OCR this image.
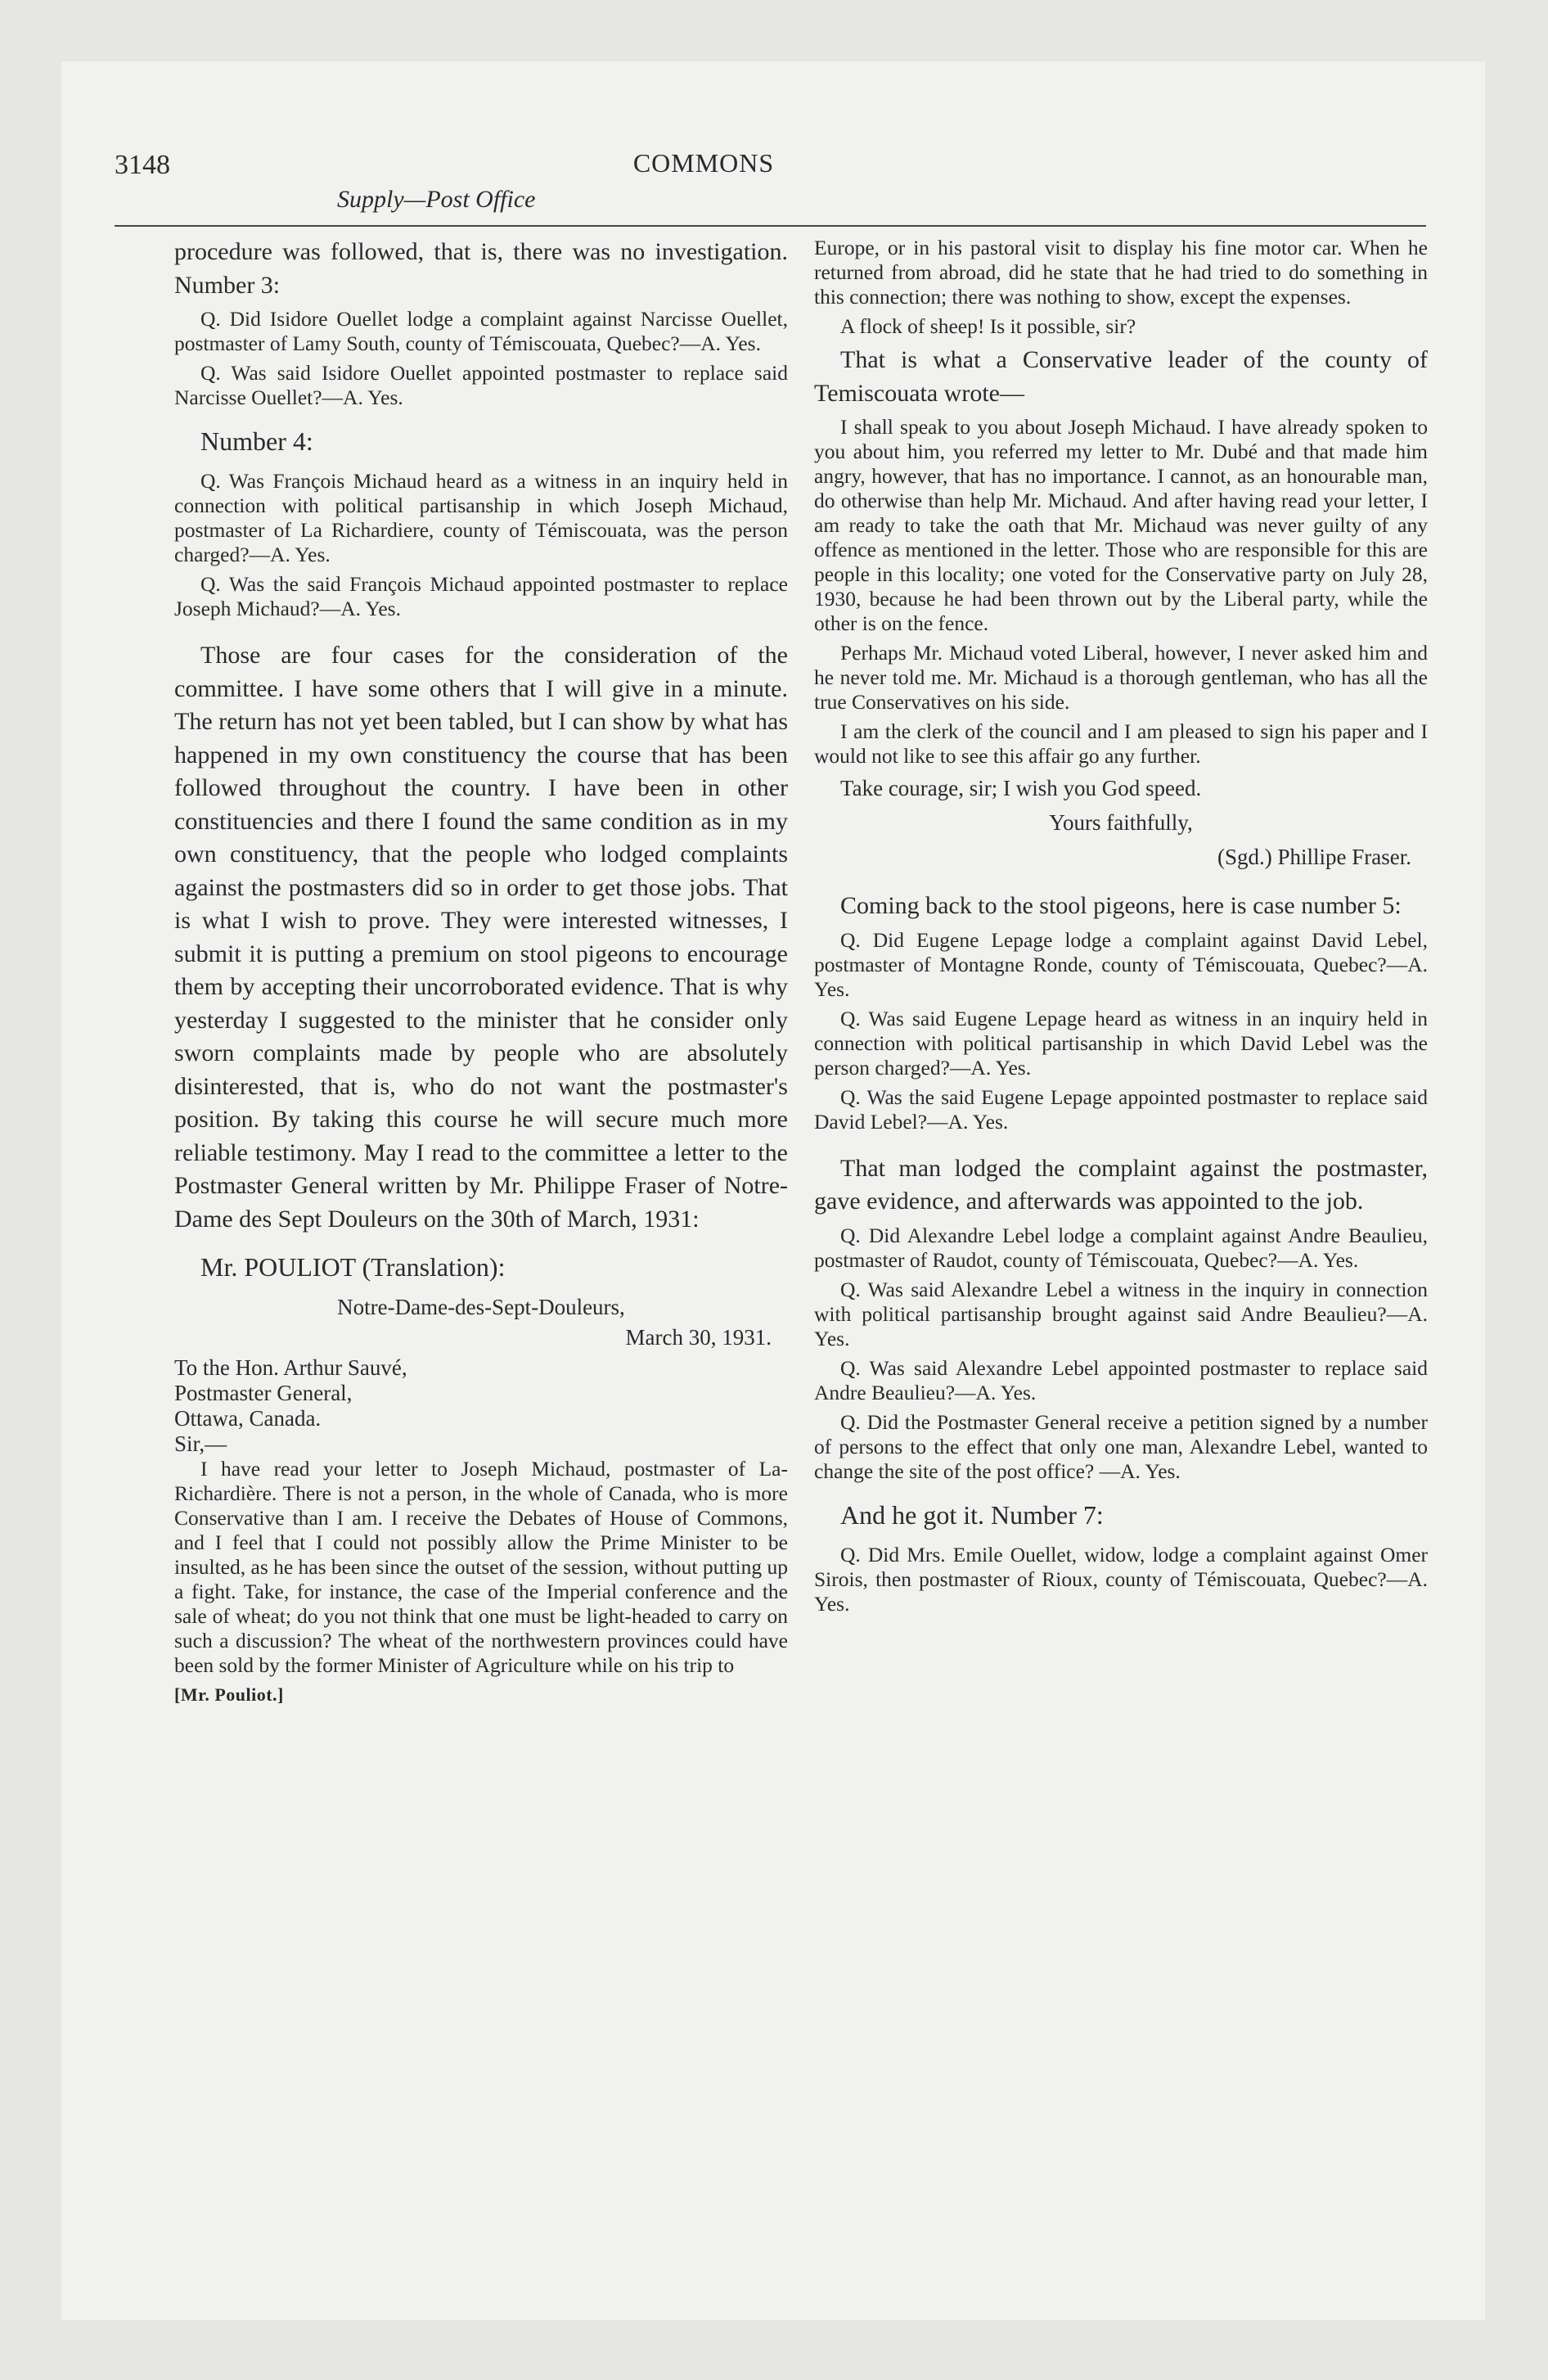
3148	COMMONS
Supply—Post Office

procedure was followed, that is, there was no investigation. Number 3:

Q. Did Isidore Ouellet lodge a complaint against Narcisse Ouellet, postmaster of Lamy South, county of Témiscouata, Quebec?—A. Yes.

Q. Was said Isidore Ouellet appointed postmaster to replace said Narcisse Ouellet?—A. Yes.

Number 4:

Q. Was François Michaud heard as a witness in an inquiry held in connection with political partisanship in which Joseph Michaud, postmaster of La Richardiere, county of Témiscouata, was the person charged?—A. Yes.

Q. Was the said François Michaud appointed postmaster to replace Joseph Michaud?—A. Yes.

Those are four cases for the consideration of the committee. I have some others that I will give in a minute. The return has not yet been tabled, but I can show by what has happened in my own constituency the course that has been followed throughout the country. I have been in other constituencies and there I found the same condition as in my own constituency, that the people who lodged complaints against the postmasters did so in order to get those jobs. That is what I wish to prove. They were interested witnesses, I submit it is putting a premium on stool pigeons to encourage them by accepting their uncorroborated evidence. That is why yesterday I suggested to the minister that he consider only sworn complaints made by people who are absolutely disinterested, that is, who do not want the postmaster's position. By taking this course he will secure much more reliable testimony. May I read to the committee a letter to the Postmaster General written by Mr. Philippe Fraser of Notre-Dame des Sept Douleurs on the 30th of March, 1931:

Mr. POULIOT (Translation):

Notre-Dame-des-Sept-Douleurs,

March 30, 1931.

To the Hon. Arthur Sauvé,

Postmaster General,

Ottawa, Canada.

Sir,—

I have read your letter to Joseph Michaud, postmaster of La-Richardière. There is not a person, in the whole of Canada, who is more Conservative than I am. I receive the Debates of House of Commons, and I feel that I could not possibly allow the Prime Minister to be insulted, as he has been since the outset of the session, without putting up a fight. Take, for instance, the case of the Imperial conference and the sale of wheat; do you not think that one must be light-headed to carry on such a discussion? The wheat of the northwestern provinces could have been sold by the former Minister of Agriculture while on his trip to

[Mr. Pouliot.]

Europe, or in his pastoral visit to display his fine motor car. When he returned from abroad, did he state that he had tried to do something in this connection; there was nothing to show, except the expenses.

A flock of sheep! Is it possible, sir?

That is what a Conservative leader of the county of Temiscouata wrote—

I shall speak to you about Joseph Michaud. I have already spoken to you about him, you referred my letter to Mr. Dubé and that made him angry, however, that has no importance. I cannot, as an honourable man, do otherwise than help Mr. Michaud. And after having read your letter, I am ready to take the oath that Mr. Michaud was never guilty of any offence as mentioned in the letter. Those who are responsible for this are people in this locality; one voted for the Conservative party on July 28, 1930, because he had been thrown out by the Liberal party, while the other is on the fence.

Perhaps Mr. Michaud voted Liberal, however, I never asked him and he never told me. Mr. Michaud is a thorough gentleman, who has all the true Conservatives on his side.

I am the clerk of the council and I am pleased to sign his paper and I would not like to see this affair go any further.

Take courage, sir; I wish you God speed.

Yours faithfully,

(Sgd.) Phillipe Fraser.

Coming back to the stool pigeons, here is case number 5:

Q. Did Eugene Lepage lodge a complaint against David Lebel, postmaster of Montagne Ronde, county of Témiscouata, Quebec?—A. Yes.

Q. Was said Eugene Lepage heard as witness in an inquiry held in connection with political partisanship in which David Lebel was the person charged?—A. Yes.

Q. Was the said Eugene Lepage appointed postmaster to replace said David Lebel?—A. Yes.

That man lodged the complaint against the postmaster, gave evidence, and afterwards was appointed to the job.

Q. Did Alexandre Lebel lodge a complaint against Andre Beaulieu, postmaster of Raudot, county of Témiscouata, Quebec?—A. Yes.

Q. Was said Alexandre Lebel a witness in the inquiry in connection with political partisanship brought against said Andre Beaulieu?—A. Yes.

Q. Was said Alexandre Lebel appointed postmaster to replace said Andre Beaulieu?—A. Yes.

Q. Did the Postmaster General receive a petition signed by a number of persons to the effect that only one man, Alexandre Lebel, wanted to change the site of the post office? —A. Yes.

And he got it. Number 7:

Q. Did Mrs. Emile Ouellet, widow, lodge a complaint against Omer Sirois, then postmaster of Rioux, county of Témiscouata, Quebec?—A. Yes.
